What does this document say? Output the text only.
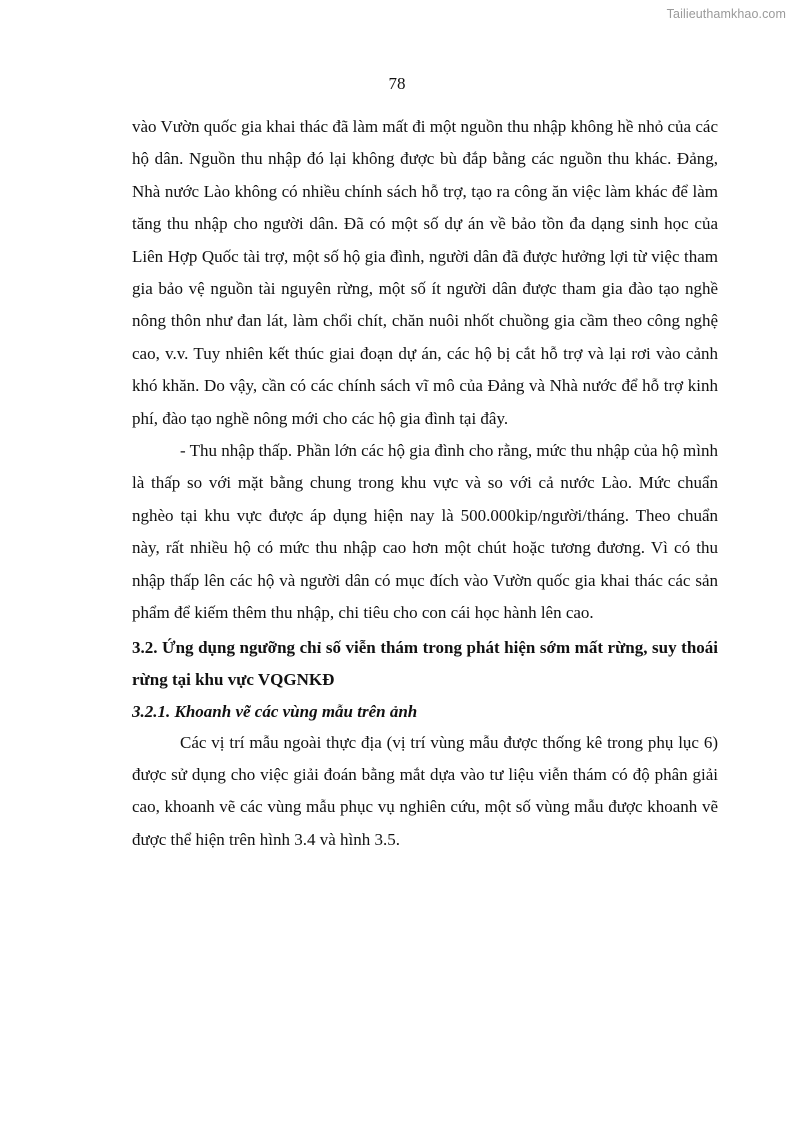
Tailieuthamkhao.com
78

vào Vườn quốc gia khai thác đã làm mất đi một nguồn thu nhập không hề nhỏ của các hộ dân. Nguồn thu nhập đó lại không được bù đắp bằng các nguồn thu khác. Đảng, Nhà nước Lào không có nhiều chính sách hỗ trợ, tạo ra công ăn việc làm khác để làm tăng thu nhập cho người dân. Đã có một số dự án về bảo tồn đa dạng sinh học của Liên Hợp Quốc tài trợ, một số hộ gia đình, người dân đã được hưởng lợi từ việc tham gia bảo vệ nguồn tài nguyên rừng, một số ít người dân được tham gia đào tạo nghề nông thôn như đan lát, làm chổi chít, chăn nuôi nhốt chuồng gia cầm theo công nghệ cao, v.v. Tuy nhiên kết thúc giai đoạn dự án, các hộ bị cắt hỗ trợ và lại rơi vào cảnh khó khăn. Do vậy, cần có các chính sách vĩ mô của Đảng và Nhà nước để hỗ trợ kinh phí, đào tạo nghề nông mới cho các hộ gia đình tại đây.

- Thu nhập thấp. Phần lớn các hộ gia đình cho rằng, mức thu nhập của hộ mình là thấp so với mặt bằng chung trong khu vực và so với cả nước Lào. Mức chuẩn nghèo tại khu vực được áp dụng hiện nay là 500.000kip/người/tháng. Theo chuẩn này, rất nhiều hộ có mức thu nhập cao hơn một chút hoặc tương đương. Vì có thu nhập thấp lên các hộ và người dân có mục đích vào Vườn quốc gia khai thác các sản phẩm để kiếm thêm thu nhập, chi tiêu cho con cái học hành lên cao.

3.2. Ứng dụng ngưỡng chỉ số viễn thám trong phát hiện sớm mất rừng, suy thoái rừng tại khu vực VQGNKĐ

3.2.1. Khoanh vẽ các vùng mẫu trên ảnh

Các vị trí mẫu ngoài thực địa (vị trí vùng mẫu được thống kê trong phụ lục 6) được sử dụng cho việc giải đoán bằng mắt dựa vào tư liệu viễn thám có độ phân giải cao, khoanh vẽ các vùng mẫu phục vụ nghiên cứu, một số vùng mẫu được khoanh vẽ được thể hiện trên hình 3.4 và hình 3.5.
